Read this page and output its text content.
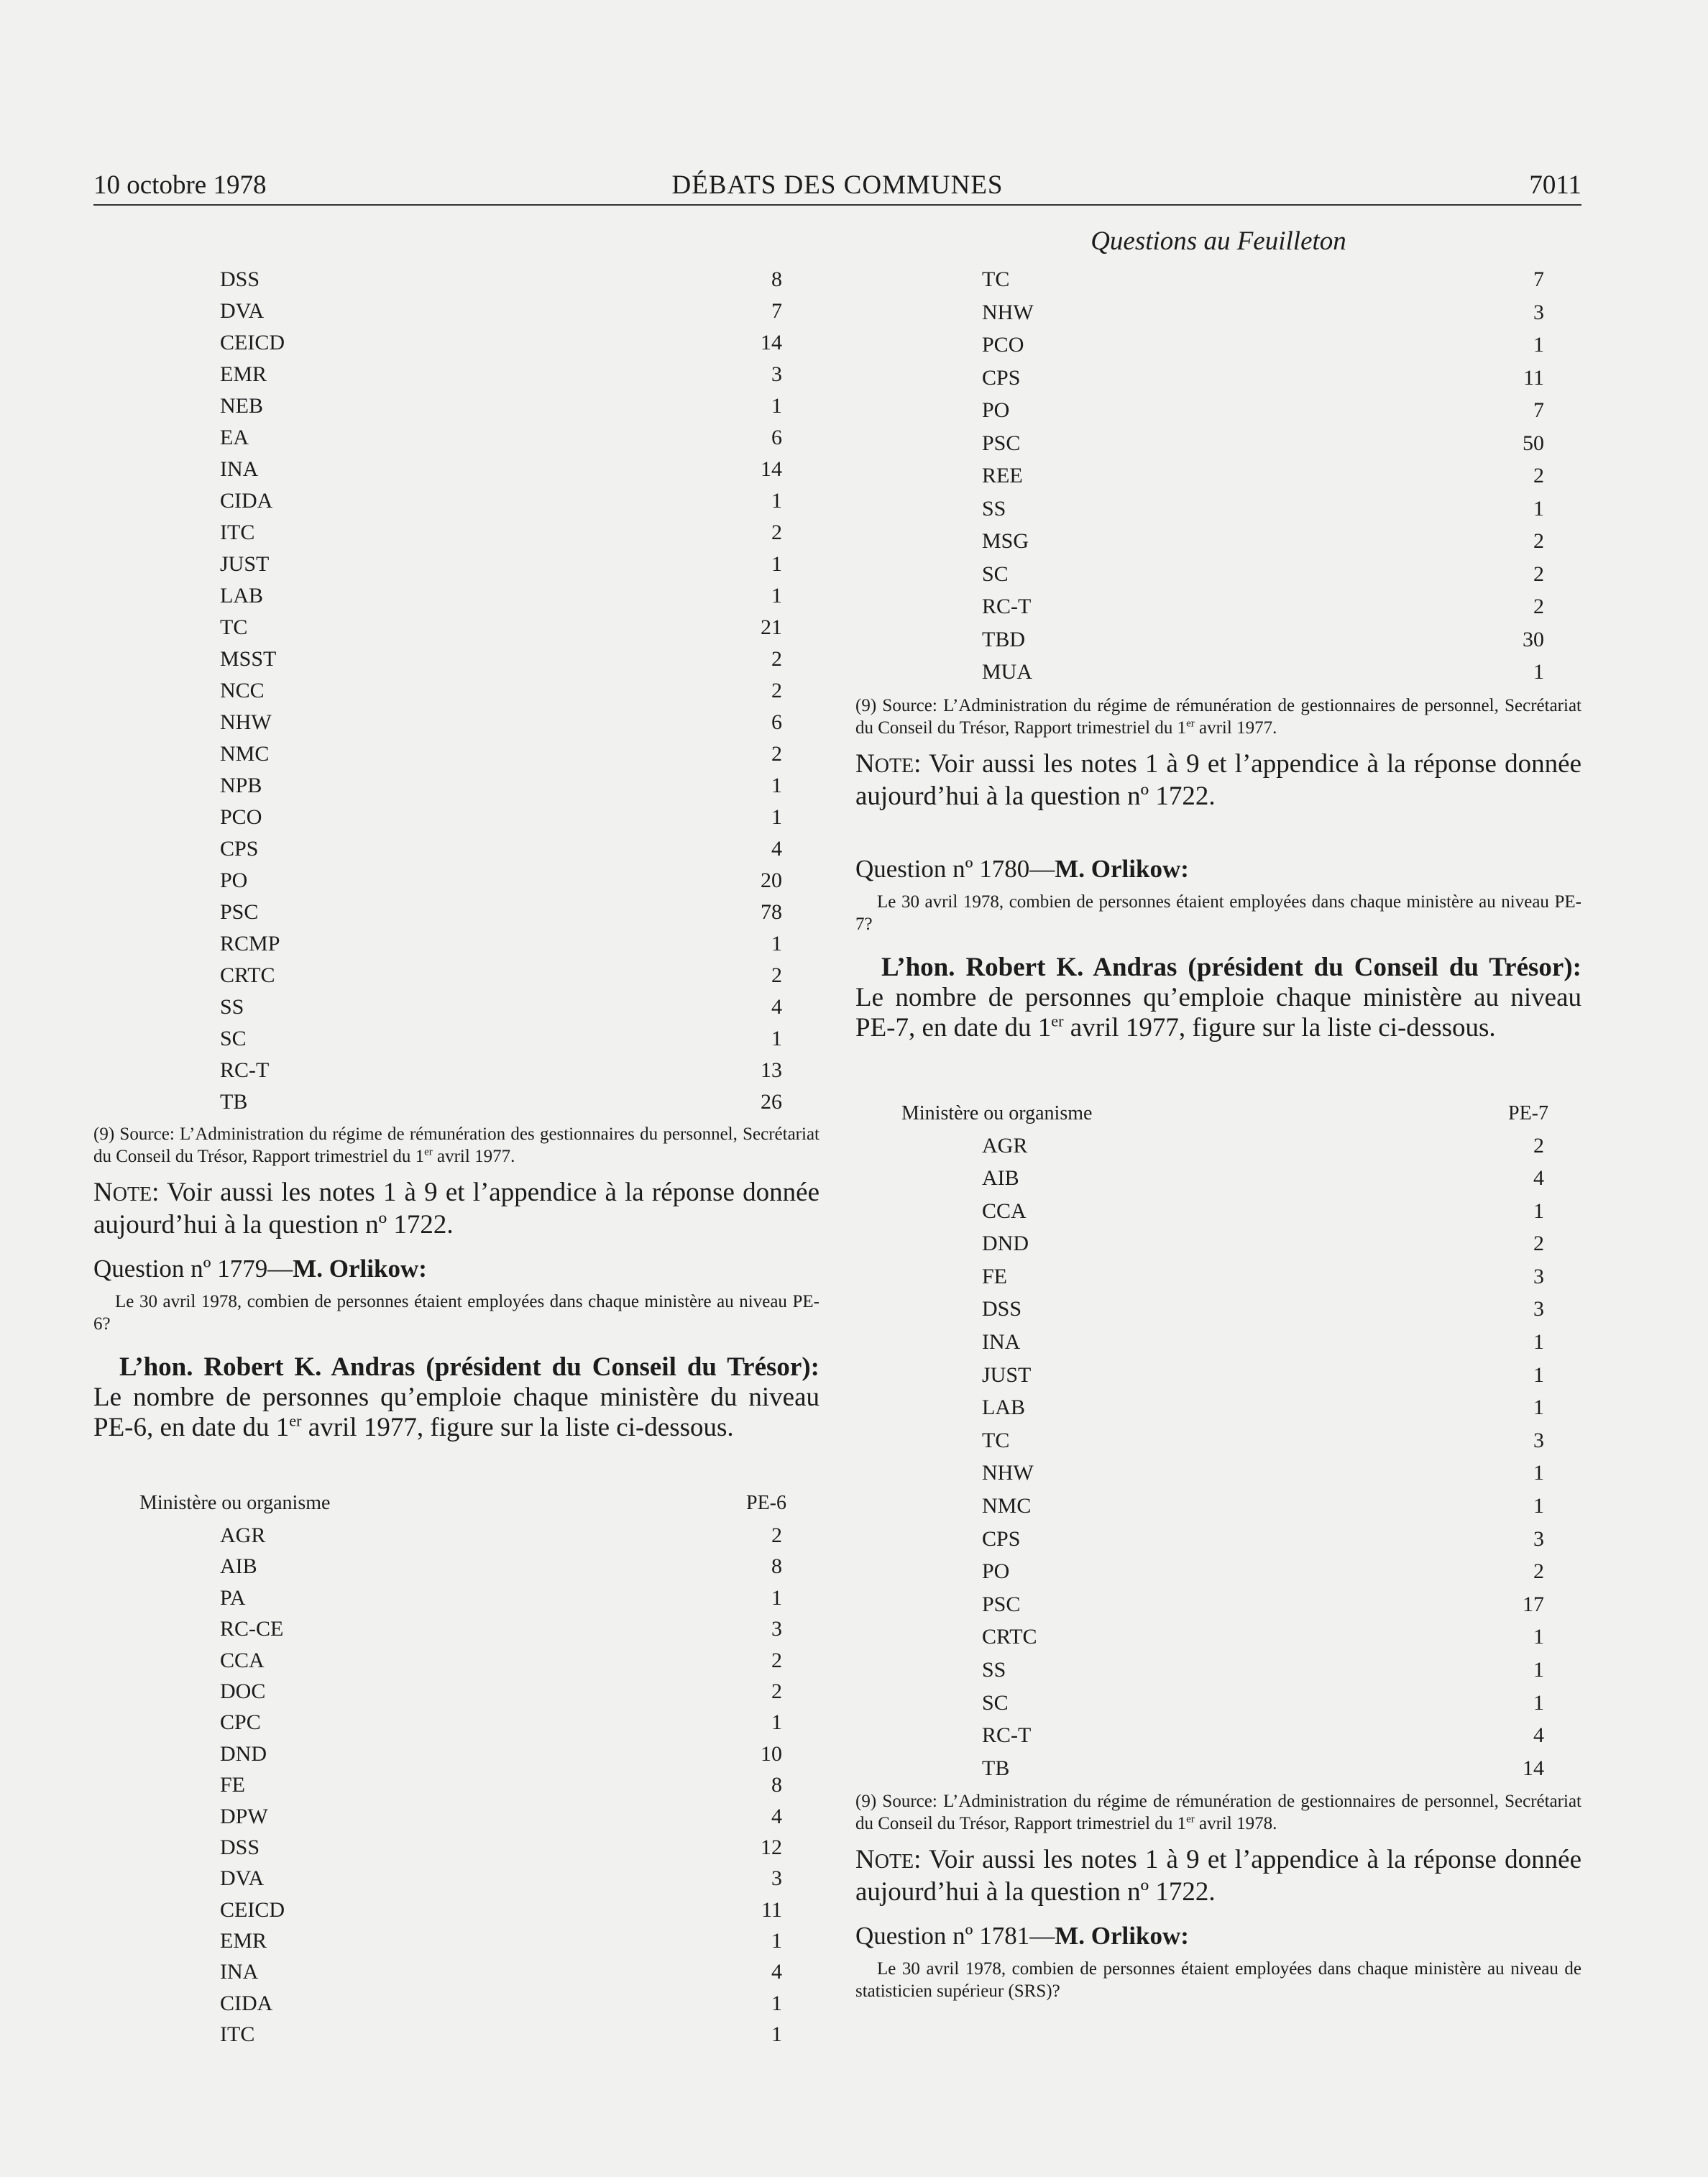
10 octobre 1978	DÉBATS DES COMMUNES	7011
Questions au Feuilleton
DSS	8
DVA	7
CEICD	14
EMR	3
NEB	1
EA	6
INA	14
CIDA	1
ITC	2
JUST	1
LAB	1
TC	21
MSST	2
NCC	2
NHW	6
NMC	2
NPB	1
PCO	1
CPS	4
PO	20
PSC	78
RCMP	1
CRTC	2
SS	4
SC	1
RC-T	13
TB	26
(9) Source: L’Administration du régime de rémunération des gestionnaires du personnel, Secrétariat du Conseil du Trésor, Rapport trimestriel du 1er avril 1977.
NOTE: Voir aussi les notes 1 à 9 et l’appendice à la réponse donnée aujourd’hui à la question nº 1722.
Question nº 1779—M. Orlikow:
Le 30 avril 1978, combien de personnes étaient employées dans chaque ministère au niveau PE-6?
L’hon. Robert K. Andras (président du Conseil du Trésor): Le nombre de personnes qu’emploie chaque ministère du niveau PE-6, en date du 1er avril 1977, figure sur la liste ci-dessous.
Ministère ou organisme	PE-6
AGR	2
AIB	8
PA	1
RC-CE	3
CCA	2
DOC	2
CPC	1
DND	10
FE	8
DPW	4
DSS	12
DVA	3
CEICD	11
EMR	1
INA	4
CIDA	1
ITC	1
TC	7
NHW	3
PCO	1
CPS	11
PO	7
PSC	50
REE	2
SS	1
MSG	2
SC	2
RC-T	2
TBD	30
MUA	1
(9) Source: L’Administration du régime de rémunération de gestionnaires de personnel, Secrétariat du Conseil du Trésor, Rapport trimestriel du 1er avril 1977.
NOTE: Voir aussi les notes 1 à 9 et l’appendice à la réponse donnée aujourd’hui à la question nº 1722.
Question nº 1780—M. Orlikow:
Le 30 avril 1978, combien de personnes étaient employées dans chaque ministère au niveau PE-7?
L’hon. Robert K. Andras (président du Conseil du Trésor): Le nombre de personnes qu’emploie chaque ministère au niveau PE-7, en date du 1er avril 1977, figure sur la liste ci-dessous.
Ministère ou organisme	PE-7
AGR	2
AIB	4
CCA	1
DND	2
FE	3
DSS	3
INA	1
JUST	1
LAB	1
TC	3
NHW	1
NMC	1
CPS	3
PO	2
PSC	17
CRTC	1
SS	1
SC	1
RC-T	4
TB	14
(9) Source: L’Administration du régime de rémunération de gestionnaires de personnel, Secrétariat du Conseil du Trésor, Rapport trimestriel du 1er avril 1978.
NOTE: Voir aussi les notes 1 à 9 et l’appendice à la réponse donnée aujourd’hui à la question nº 1722.
Question nº 1781—M. Orlikow:
Le 30 avril 1978, combien de personnes étaient employées dans chaque ministère au niveau de statisticien supérieur (SRS)?
